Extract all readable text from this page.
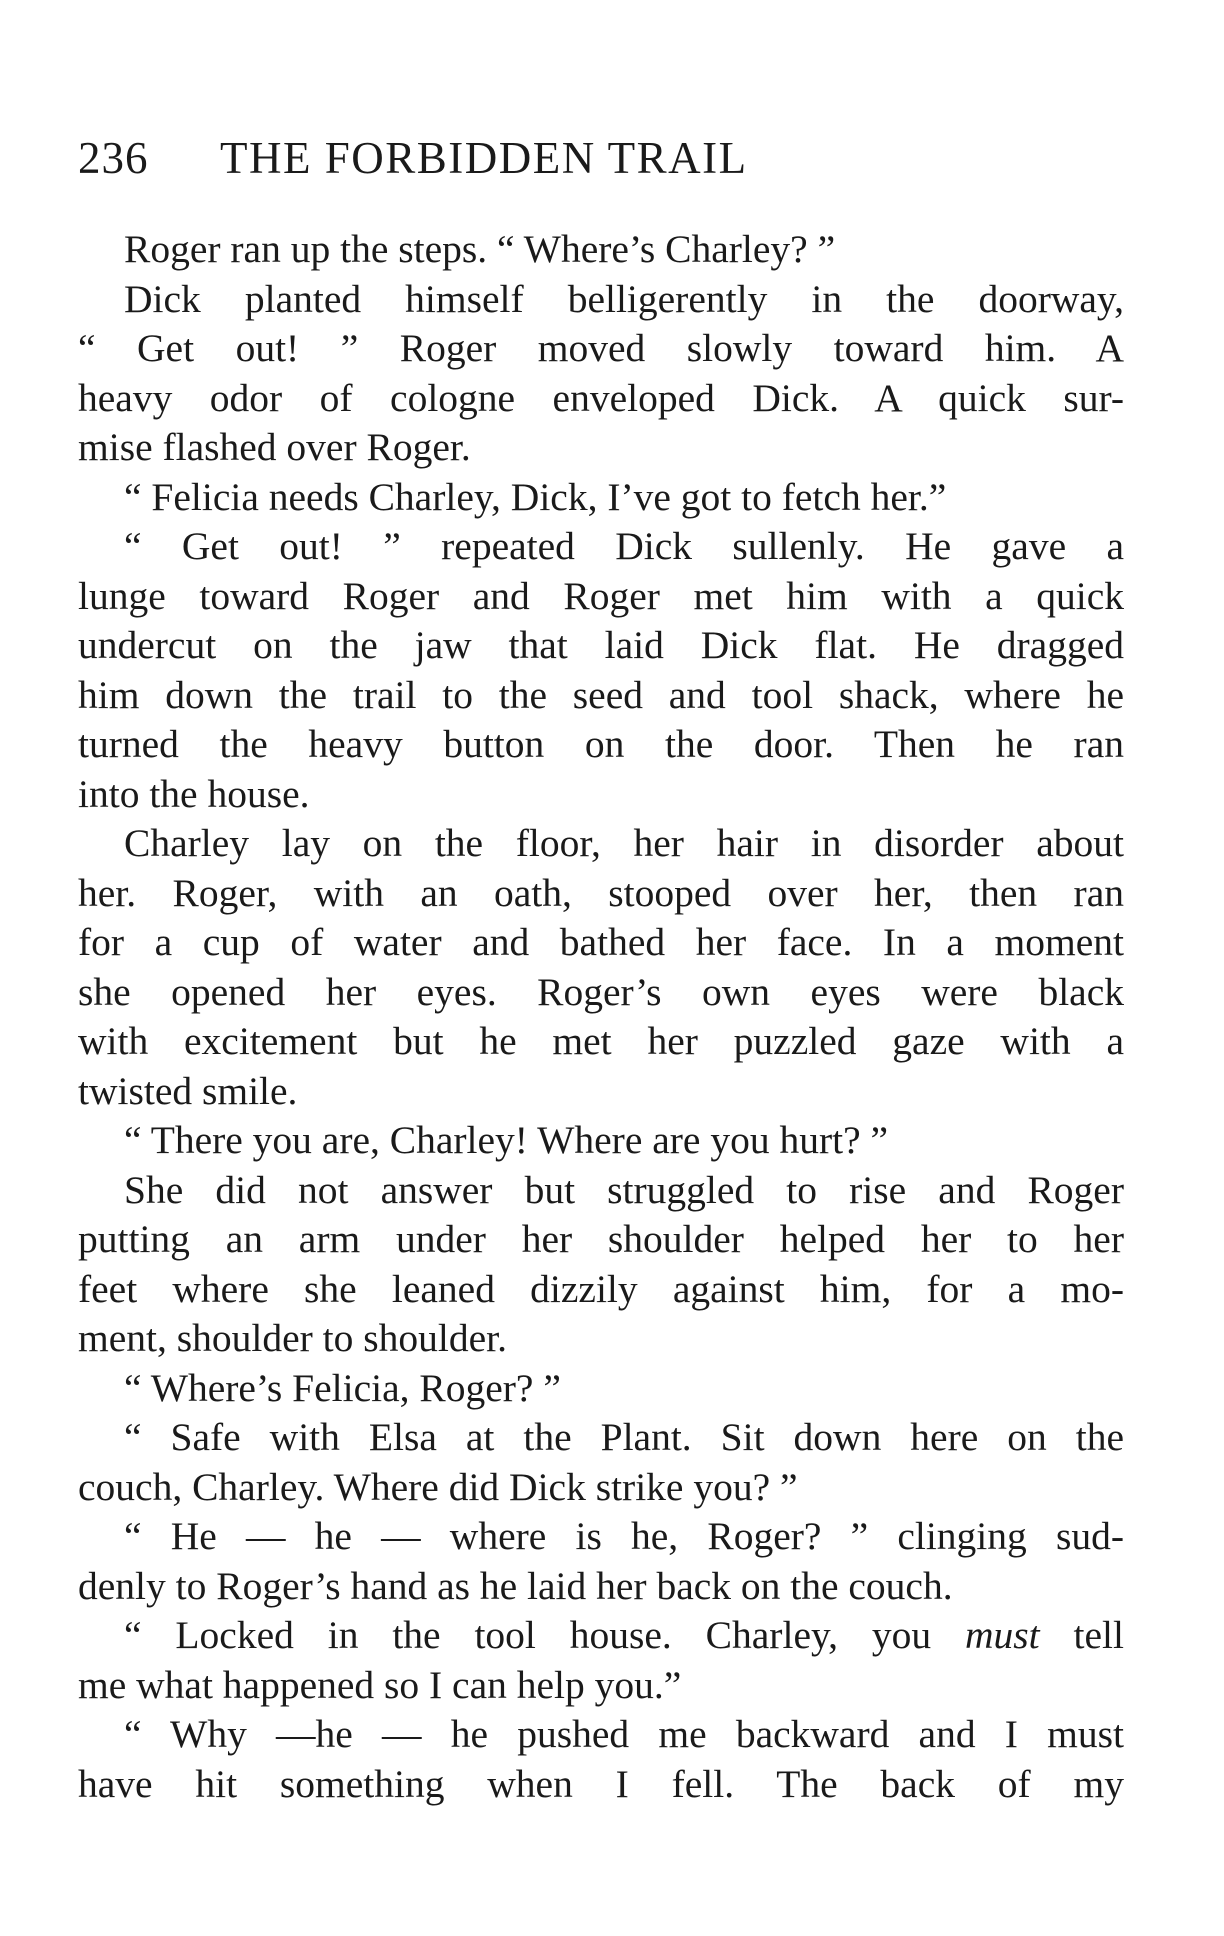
236 THE FORBIDDEN TRAIL
Roger ran up the steps. “ Where’s Charley? ”
Dick planted himself belligerently in the doorway,
“ Get out! ” Roger moved slowly toward him. A
heavy odor of cologne enveloped Dick. A quick sur-
mise flashed over Roger.
“ Felicia needs Charley, Dick, I’ve got to fetch her.”
“ Get out! ” repeated Dick sullenly. He gave a
lunge toward Roger and Roger met him with a quick
undercut on the jaw that laid Dick flat. He dragged
him down the trail to the seed and tool shack, where he
turned the heavy button on the door. Then he ran
into the house.
Charley lay on the floor, her hair in disorder about
her. Roger, with an oath, stooped over her, then ran
for a cup of water and bathed her face. In a moment
she opened her eyes. Roger’s own eyes were black
with excitement but he met her puzzled gaze with a
twisted smile.
“ There you are, Charley! Where are you hurt? ”
She did not answer but struggled to rise and Roger
putting an arm under her shoulder helped her to her
feet where she leaned dizzily against him, for a mo-
ment, shoulder to shoulder.
“ Where’s Felicia, Roger? ”
“ Safe with Elsa at the Plant. Sit down here on the
couch, Charley. Where did Dick strike you? ”
“ He — he — where is he, Roger? ” clinging sud-
denly to Roger’s hand as he laid her back on the couch.
“ Locked in the tool house. Charley, you must tell
me what happened so I can help you.”
“ Why —he — he pushed me backward and I must
have hit something when I fell. The back of my
